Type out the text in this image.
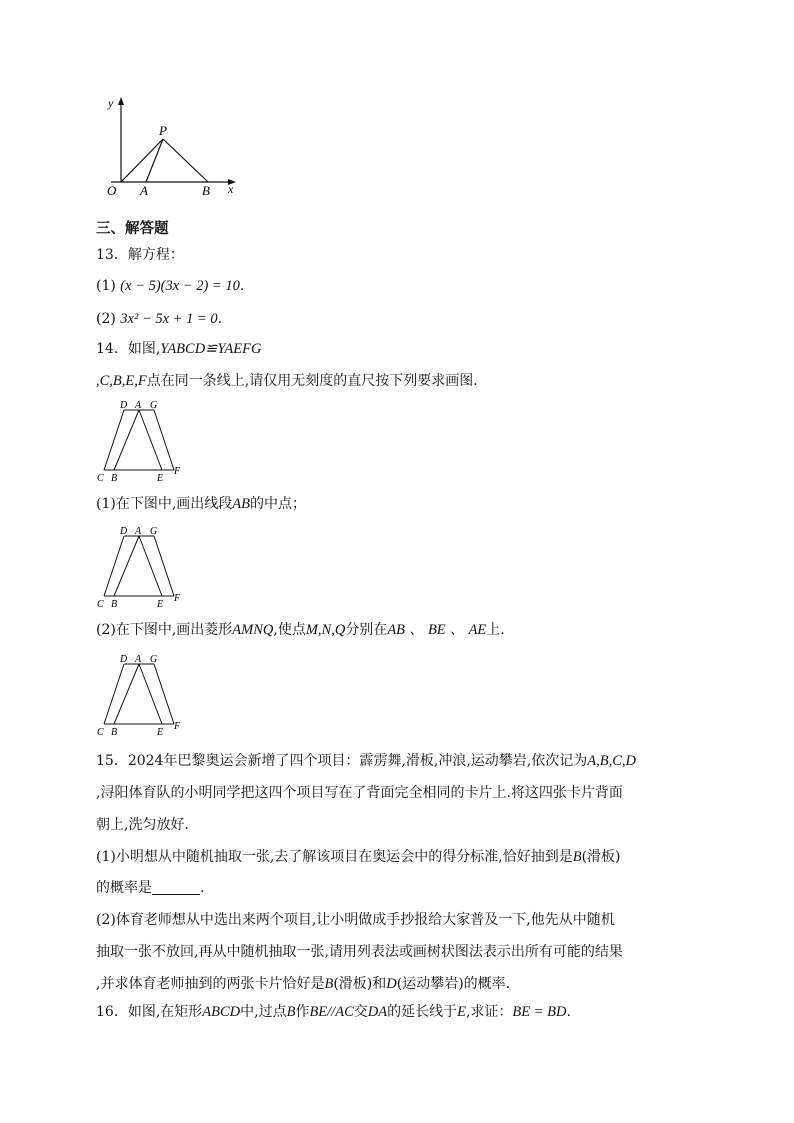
y
x
O A	B
P
三、解答题
13．解方程：
(1) (x − 5)(3x − 2) = 10.
(2) 3x² − 5x + 1 = 0.
14．如图,YABCD≌YAEFG
,C,B,E,F点在同一条线上,请仅用无刻度的直尺按下列要求画图.
D A G
C B	E
F
(1)在下图中,画出线段AB的中点；
D A G
C B	E
F
(2)在下图中,画出菱形AMNQ,使点M,N,Q分别在AB 、 BE 、 AE上.
D A G
C B	E
F
15．2024年巴黎奥运会新增了四个项目：霹雳舞,滑板,冲浪,运动攀岩,依次记为A,B,C,D
,浔阳体育队的小明同学把这四个项目写在了背面完全相同的卡片上.将这四张卡片背面
朝上,洗匀放好.
(1)小明想从中随机抽取一张,去了解该项目在奥运会中的得分标准,恰好抽到是B(滑板)
的概率是	.
(2)体育老师想从中选出来两个项目,让小明做成手抄报给大家普及一下,他先从中随机
抽取一张不放回,再从中随机抽取一张,请用列表法或画树状图法表示出所有可能的结果
,并求体育老师抽到的两张卡片恰好是B(滑板)和D(运动攀岩)的概率.
16．如图,在矩形ABCD中,过点B作BE//AC交DA的延长线于E,求证：BE = BD.
